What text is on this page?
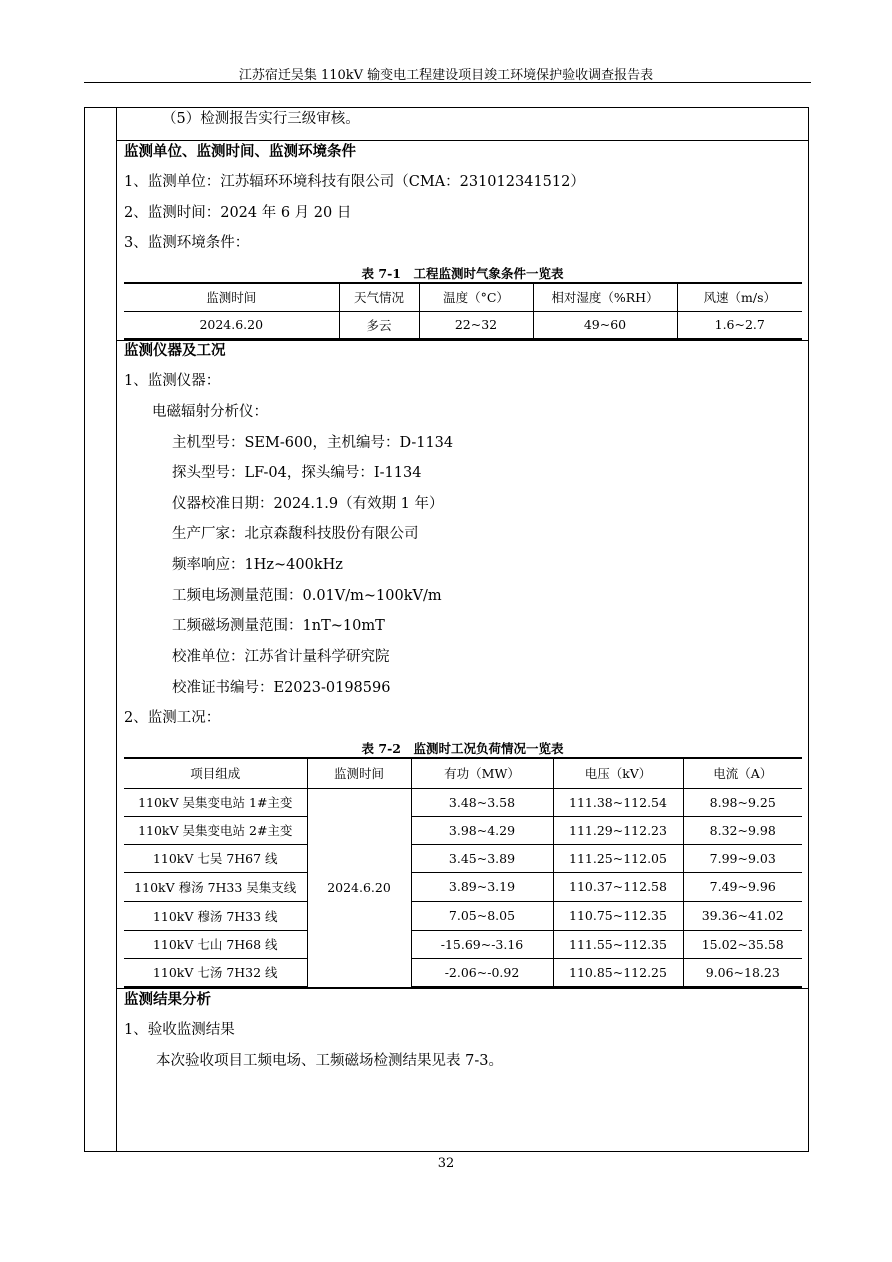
江苏宿迁吴集 110kV 输变电工程建设项目竣工环境保护验收调查报告表
（5）检测报告实行三级审核。
监测单位、监测时间、监测环境条件
1、监测单位：江苏辐环环境科技有限公司（CMA：231012341512）
2、监测时间：2024 年 6 月 20 日
3、监测环境条件：
表 7-1　工程监测时气象条件一览表
监测时间	天气情况	温度（°C）	相对湿度（%RH）	风速（m/s）
2024.6.20	多云	22~32	49~60	1.6~2.7
监测仪器及工况
1、监测仪器：
电磁辐射分析仪：
主机型号：SEM-600，主机编号：D-1134
探头型号：LF-04，探头编号：I-1134
仪器校准日期：2024.1.9（有效期 1 年）
生产厂家：北京森馥科技股份有限公司
频率响应：1Hz~400kHz
工频电场测量范围：0.01V/m~100kV/m
工频磁场测量范围：1nT~10mT
校准单位：江苏省计量科学研究院
校准证书编号：E2023-0198596
2、监测工况：
表 7-2　监测时工况负荷情况一览表
项目组成	监测时间	有功（MW）	电压（kV）	电流（A）
110kV 吴集变电站 1#主变	2024.6.20	3.48~3.58	111.38~112.54	8.98~9.25
110kV 吴集变电站 2#主变		3.98~4.29	111.29~112.23	8.32~9.98
110kV 七吴 7H67 线		3.45~3.89	111.25~112.05	7.99~9.03
110kV 穆汤 7H33 吴集支线		3.89~3.19	110.37~112.58	7.49~9.96
110kV 穆汤 7H33 线		7.05~8.05	110.75~112.35	39.36~41.02
110kV 七山 7H68 线		-15.69~-3.16	111.55~112.35	15.02~35.58
110kV 七汤 7H32 线		-2.06~-0.92	110.85~112.25	9.06~18.23
监测结果分析
1、验收监测结果
本次验收项目工频电场、工频磁场检测结果见表 7-3。
32
